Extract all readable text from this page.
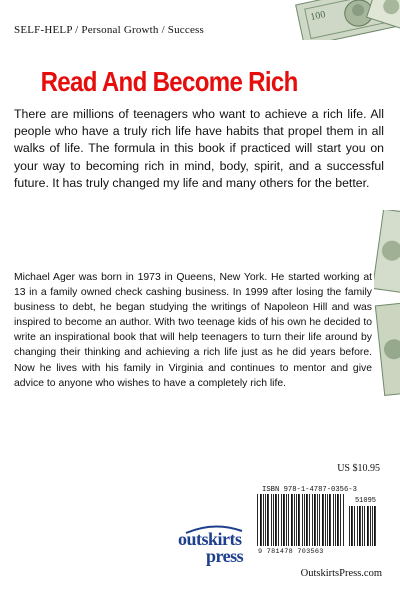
100
SELF-HELP / Personal Growth / Success
Read And Become Rich

There are millions of teenagers who want to achieve a rich life. All people who have a truly rich life have habits that propel them in all walks of life. The formula in this book if practiced will start you on your way to becoming rich in mind, body, spirit, and a successful future. It has truly changed my life and many others for the better.

Michael Ager was born in 1973 in Queens, New York. He started working at 13 in a family owned check cashing business. In 1999 after losing the family business to debt, he began studying the writings of Napoleon Hill and was inspired to become an author. With two teenage kids of his own he decided to write an inspirational book that will help teenagers to turn their life around by changing their thinking and achieving a rich life just as he did years before. Now he lives with his family in Virginia and continues to mentor and give advice to anyone who wishes to have a completely rich life.

US $10.95
outskirts
press
ISBN 978-1-4787-0356-3
51095
9 781478 703563
OutskirtsPress.com
